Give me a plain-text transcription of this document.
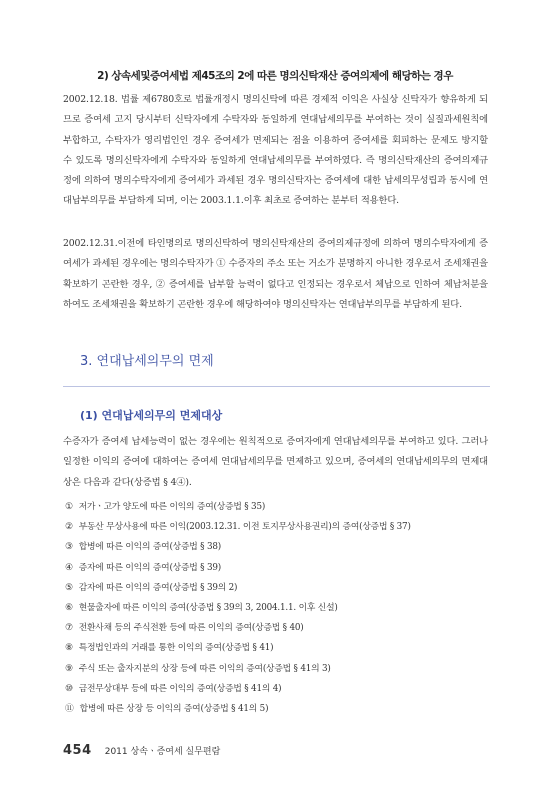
2) 상속세및증여세법 제45조의 2에 따른 명의신탁재산 증여의제에 해당하는 경우
2002.12.18. 법률 제6780호로 법률개정시 명의신탁에 따른 경제적 이익은 사실상 신탁자가 향유하게 되므로 증여세 고지 당시부터 신탁자에게 수탁자와 동일하게 연대납세의무를 부여하는 것이 실질과세원칙에 부합하고, 수탁자가 영리법인인 경우 증여세가 면제되는 점을 이용하여 증여세를 회피하는 문제도 방지할 수 있도록 명의신탁자에게 수탁자와 동일하게 연대납세의무를 부여하였다. 즉 명의신탁재산의 증여의제규정에 의하여 명의수탁자에게 증여세가 과세된 경우 명의신탁자는 증여세에 대한 납세의무성립과 동시에 연대납부의무를 부담하게 되며, 이는 2003.1.1.이후 최초로 증여하는 분부터 적용한다.
2002.12.31.이전에 타인명의로 명의신탁하여 명의신탁재산의 증여의제규정에 의하여 명의수탁자에게 증여세가 과세된 경우에는 명의수탁자가 ① 수증자의 주소 또는 거소가 분명하지 아니한 경우로서 조세채권을 확보하기 곤란한 경우, ② 증여세를 납부할 능력이 없다고 인정되는 경우로서 체납으로 인하여 체납처분을 하여도 조세채권을 확보하기 곤란한 경우에 해당하여야 명의신탁자는 연대납부의무를 부담하게 된다.
3. 연대납세의무의 면제
(1) 연대납세의무의 면제대상
수증자가 증여세 납세능력이 없는 경우에는 원칙적으로 증여자에게 연대납세의무를 부여하고 있다. 그러나 일정한 이익의 증여에 대하여는 증여세 연대납세의무를 면제하고 있으며, 증여세의 연대납세의무의 면제대상은 다음과 같다(상증법 § 4④).
① 저가ㆍ고가 양도에 따른 이익의 증여(상증법 § 35)
② 부동산 무상사용에 따른 이익(2003.12.31. 이전 토지무상사용권리)의 증여(상증법 § 37)
③ 합병에 따른 이익의 증여(상증법 § 38)
④ 증자에 따른 이익의 증여(상증법 § 39)
⑤ 감자에 따른 이익의 증여(상증법 § 39의 2)
⑥ 현물출자에 따른 이익의 증여(상증법 § 39의 3, 2004.1.1. 이후 신설)
⑦ 전환사채 등의 주식전환 등에 따른 이익의 증여(상증법 § 40)
⑧ 특정법인과의 거래를 통한 이익의 증여(상증법 § 41)
⑨ 주식 또는 출자지분의 상장 등에 따른 이익의 증여(상증법 § 41의 3)
⑩ 금전무상대부 등에 따른 이익의 증여(상증법 § 41의 4)
⑪ 합병에 따른 상장 등 이익의 증여(상증법 § 41의 5)
454 2011 상속ㆍ증여세 실무편람
